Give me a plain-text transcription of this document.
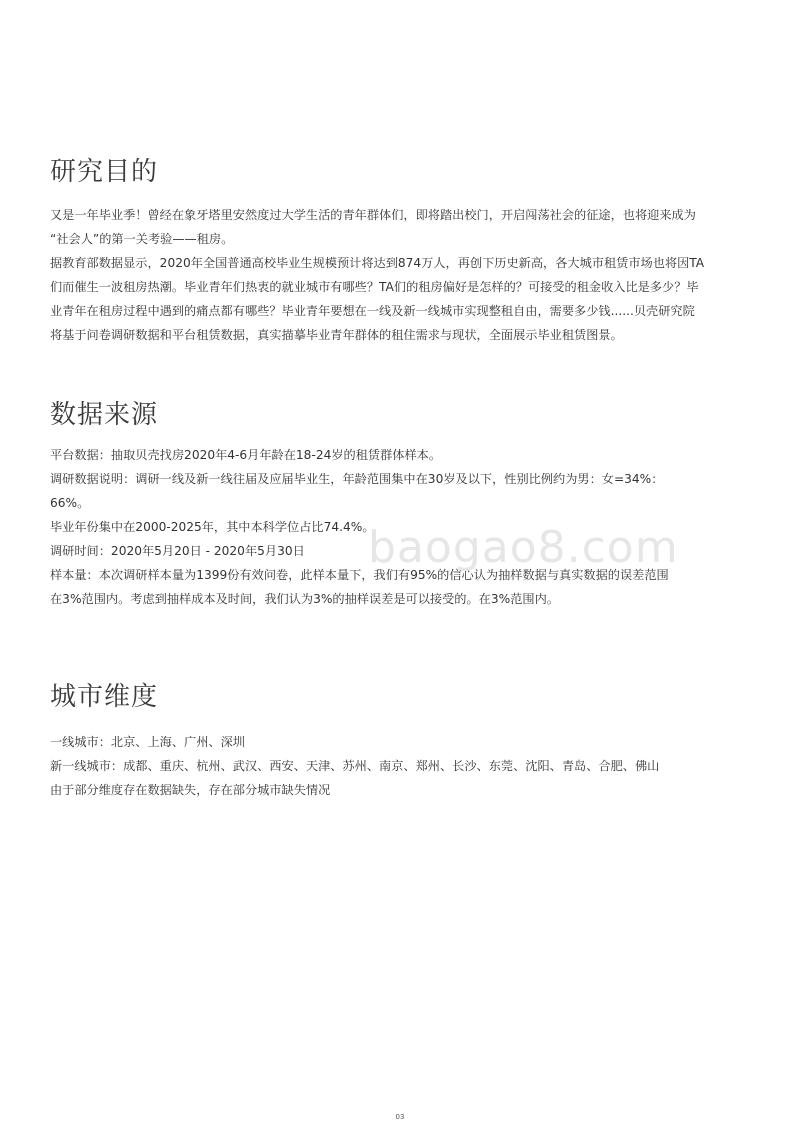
研究目的

又是一年毕业季！曾经在象牙塔里安然度过大学生活的青年群体们，即将踏出校门，开启闯荡社会的征途，也将迎来成为

“社会人”的第一关考验——租房。

据教育部数据显示，2020年全国普通高校毕业生规模预计将达到874万人，再创下历史新高，各大城市租赁市场也将因TA

们而催生一波租房热潮。毕业青年们热衷的就业城市有哪些？TA们的租房偏好是怎样的？可接受的租金收入比是多少？毕

业青年在租房过程中遇到的痛点都有哪些？毕业青年要想在一线及新一线城市实现整租自由，需要多少钱......贝壳研究院

将基于问卷调研数据和平台租赁数据，真实描摹毕业青年群体的租住需求与现状，全面展示毕业租赁图景。

数据来源

平台数据：抽取贝壳找房2020年4-6月年龄在18-24岁的租赁群体样本。

调研数据说明：调研一线及新一线往届及应届毕业生，年龄范围集中在30岁及以下，性别比例约为男：女=34%：

66%。

毕业年份集中在2000-2025年，其中本科学位占比74.4%。

调研时间：2020年5月20日 - 2020年5月30日

样本量：本次调研样本量为1399份有效问卷，此样本量下，我们有95%的信心认为抽样数据与真实数据的误差范围

在3%范围内。考虑到抽样成本及时间，我们认为3%的抽样误差是可以接受的。在3%范围内。

城市维度

一线城市：北京、上海、广州、深圳

新一线城市：成都、重庆、杭州、武汉、西安、天津、苏州、南京、郑州、长沙、东莞、沈阳、青岛、合肥、佛山

由于部分维度存在数据缺失，存在部分城市缺失情况

baogao8.com
03
